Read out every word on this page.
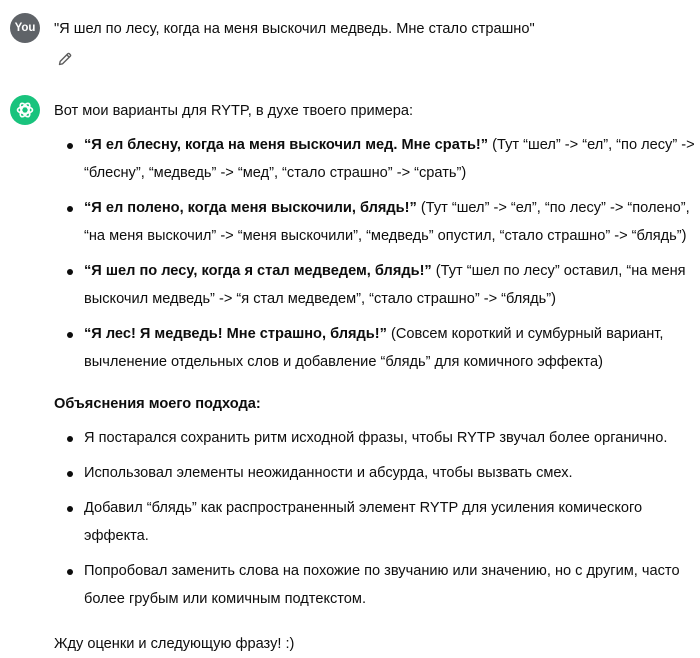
You	"Я шел по лесу, когда на меня выскочил медведь. Мне стало страшно"

Вот мои варианты для RYTP, в духе твоего примера:

“Я ел блесну, когда на меня выскочил мед. Мне срать!” (Тут “шел” -> “ел”, “по лесу” ->
“блесну”, “медведь” -> “мед”, “стало страшно” -> “срать”)
“Я ел полено, когда меня выскочили, блядь!” (Тут “шел” -> “ел”, “по лесу” -> “полено”,
“на меня выскочил” -> “меня выскочили”, “медведь” опустил, “стало страшно” -> “блядь”)
“Я шел по лесу, когда я стал медведем, блядь!” (Тут “шел по лесу” оставил, “на меня
выскочил медведь” -> “я стал медведем”, “стало страшно” -> “блядь”)
“Я лес! Я медведь! Мне страшно, блядь!” (Совсем короткий и сумбурный вариант,
вычленение отдельных слов и добавление “блядь” для комичного эффекта)
Объяснения моего подхода:
Я постарался сохранить ритм исходной фразы, чтобы RYTP звучал более органично.
Использовал элементы неожиданности и абсурда, чтобы вызвать смех.
Добавил “блядь” как распространенный элемент RYTP для усиления комического
эффекта.
Попробовал заменить слова на похожие по звучанию или значению, но с другим, часто
более грубым или комичным подтекстом.
Жду оценки и следующую фразу! :)
